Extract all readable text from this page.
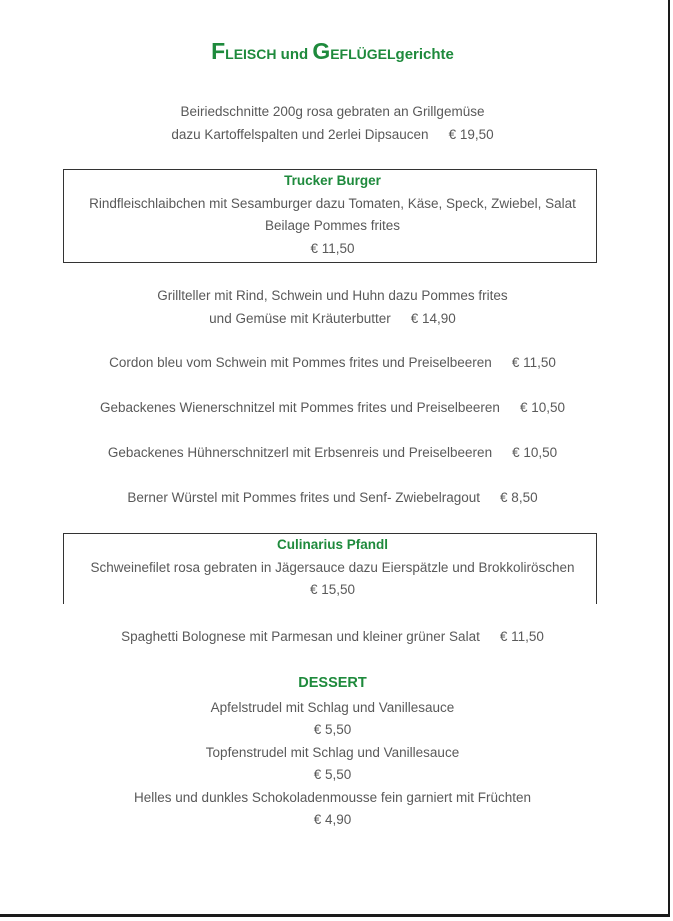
FLEISCH und GEFLÜGELgerichte
Beiriedschnitte 200g rosa gebraten an Grillgemüse
dazu Kartoffelspalten und 2erlei Dipsaucen € 19,50
Trucker Burger
Rindfleischlaibchen mit Sesamburger dazu Tomaten, Käse, Speck, Zwiebel, Salat
Beilage Pommes frites
€ 11,50
Grillteller mit Rind, Schwein und Huhn dazu Pommes frites
und Gemüse mit Kräuterbutter € 14,90
Cordon bleu vom Schwein mit Pommes frites und Preiselbeeren € 11,50
Gebackenes Wienerschnitzel mit Pommes frites und Preiselbeeren € 10,50
Gebackenes Hühnerschnitzerl mit Erbsenreis und Preiselbeeren € 10,50
Berner Würstel mit Pommes frites und Senf- Zwiebelragout € 8,50
Culinarius Pfandl
Schweinefilet rosa gebraten in Jägersauce dazu Eierspätzle und Brokkoliröschen
€ 15,50
Spaghetti Bolognese mit Parmesan und kleiner grüner Salat € 11,50
DESSERT
Apfelstrudel mit Schlag und Vanillesauce
€ 5,50
Topfenstrudel mit Schlag und Vanillesauce
€ 5,50
Helles und dunkles Schokoladenmousse fein garniert mit Früchten
€ 4,90
